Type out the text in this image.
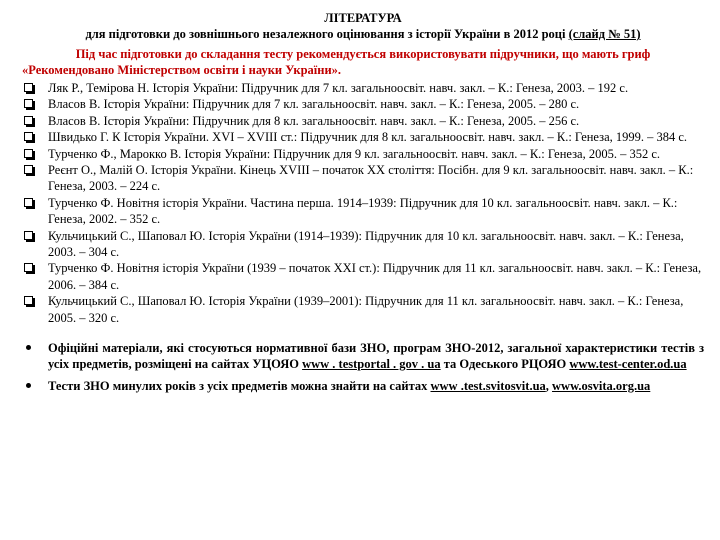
ЛІТЕРАТУРА
для підготовки до зовнішнього незалежного оцінювання з історії України в 2012 році (слайд № 51)
Під час підготовки до складання тесту рекомендується використовувати підручники, що мають гриф
«Рекомендовано Міністерством освіти і науки України».
Ляк Р., Темірова Н. Історія України: Підручник для 7 кл. загальноосвіт. навч. закл. – К.: Генеза, 2003. – 192 с.
Власов В. Історія України: Підручник для 7 кл. загальноосвіт. навч. закл. – К.: Генеза, 2005. – 280 с.
Власов В. Історія України: Підручник для 8 кл. загальноосвіт. навч. закл. – К.: Генеза, 2005. – 256 с.
Швидько Г. К Історія України. XVI – XVIII ст.: Підручник для 8 кл. загальноосвіт. навч. закл. – К.: Генеза, 1999. – 384 с.
Турченко Ф., Марокко В. Історія України: Підручник для 9 кл. загальноосвіт. навч. закл. – К.: Генеза, 2005. – 352 с.
Реєнт О., Малій О. Історія України. Кінець XVIII – початок XX століття: Посібн. для 9 кл. загальноосвіт. навч. закл. – К.: Генеза, 2003. – 224 с.
Турченко Ф. Новітня історія України. Частина перша. 1914–1939: Підручник для 10 кл. загальноосвіт. навч. закл. – К.: Генеза, 2002. – 352 с.
Кульчицький С., Шаповал Ю. Історія України (1914–1939): Підручник для 10 кл. загальноосвіт. навч. закл. – К.: Генеза, 2003. – 304 с.
Турченко Ф. Новітня історія України (1939 – початок XXI ст.): Підручник для 11 кл. загальноосвіт. навч. закл. – К.: Генеза, 2006. – 384 с.
Кульчицький С., Шаповал Ю. Історія України (1939–2001): Підручник для 11 кл. загальноосвіт. навч. закл. – К.: Генеза, 2005. – 320 с.
Офіційні матеріали, які стосуються нормативної бази ЗНО, програм ЗНО-2012, загальної характеристики тестів з усіх предметів, розміщені на сайтах УЦОЯО www . testportal . gov . ua та Одеського РЦОЯО www.test-center.od.ua
Тести ЗНО минулих років з усіх предметів можна знайти на сайтах www .test.svitosvit.ua, www.osvita.org.ua
